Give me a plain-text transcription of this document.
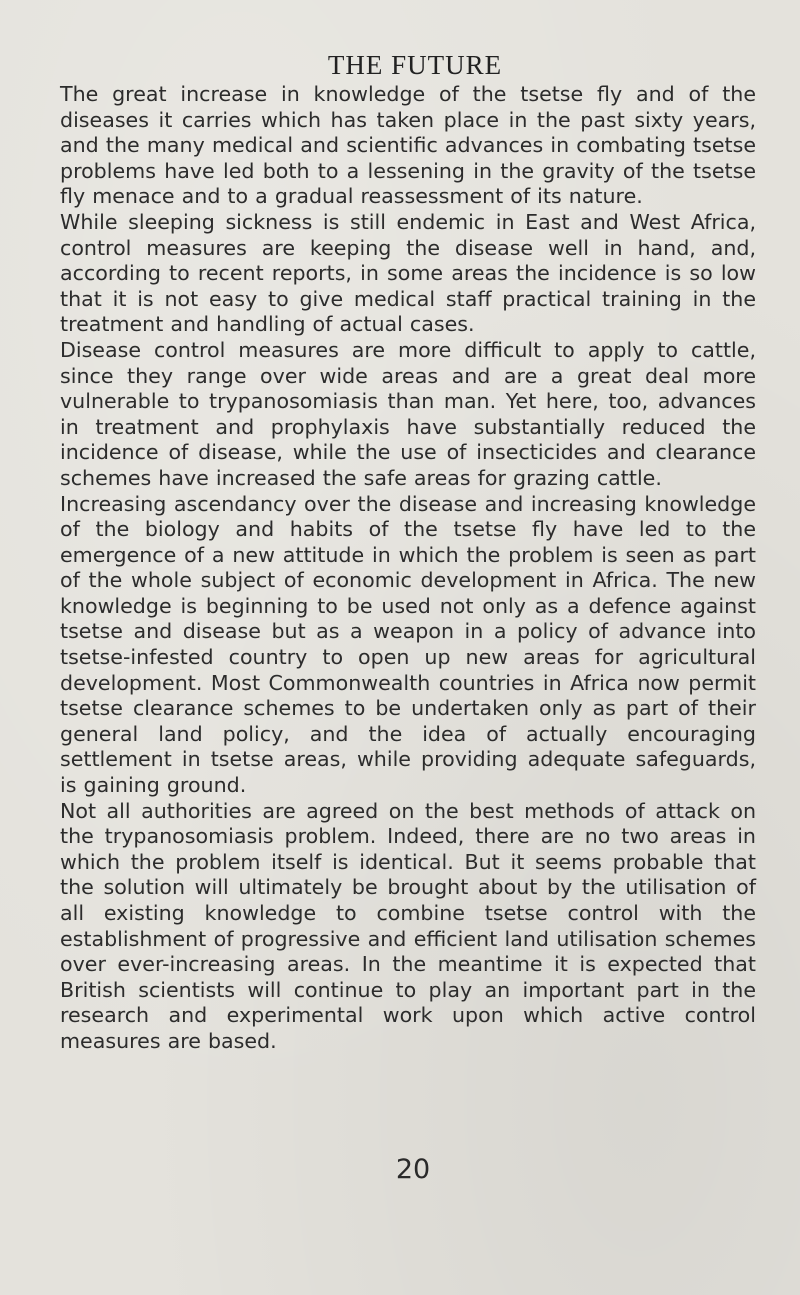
THE FUTURE

The great increase in knowledge of the tsetse fly and of the diseases it carries which has taken place in the past sixty years, and the many medical and scientific advances in combating tsetse problems have led both to a lessening in the gravity of the tsetse fly menace and to a gradual reassessment of its nature.

While sleeping sickness is still endemic in East and West Africa, control measures are keeping the disease well in hand, and, according to recent reports, in some areas the incidence is so low that it is not easy to give medical staff practical training in the treatment and handling of actual cases.

Disease control measures are more difficult to apply to cattle, since they range over wide areas and are a great deal more vulnerable to trypanosomiasis than man. Yet here, too, advances in treatment and prophylaxis have substantially reduced the incidence of disease, while the use of insecticides and clearance schemes have increased the safe areas for grazing cattle.

Increasing ascendancy over the disease and increasing knowledge of the biology and habits of the tsetse fly have led to the emergence of a new attitude in which the problem is seen as part of the whole subject of economic development in Africa. The new knowledge is beginning to be used not only as a defence against tsetse and disease but as a weapon in a policy of advance into tsetse-infested country to open up new areas for agricultural development. Most Commonwealth countries in Africa now permit tsetse clearance schemes to be undertaken only as part of their general land policy, and the idea of actually encouraging settlement in tsetse areas, while providing adequate safeguards, is gaining ground.

Not all authorities are agreed on the best methods of attack on the trypanosomiasis problem. Indeed, there are no two areas in which the problem itself is identical. But it seems probable that the solution will ultimately be brought about by the utilisation of all existing knowledge to combine tsetse control with the establishment of progressive and efficient land utilisation schemes over ever-increasing areas. In the meantime it is expected that British scientists will continue to play an important part in the research and experimental work upon which active control measures are based.

20
